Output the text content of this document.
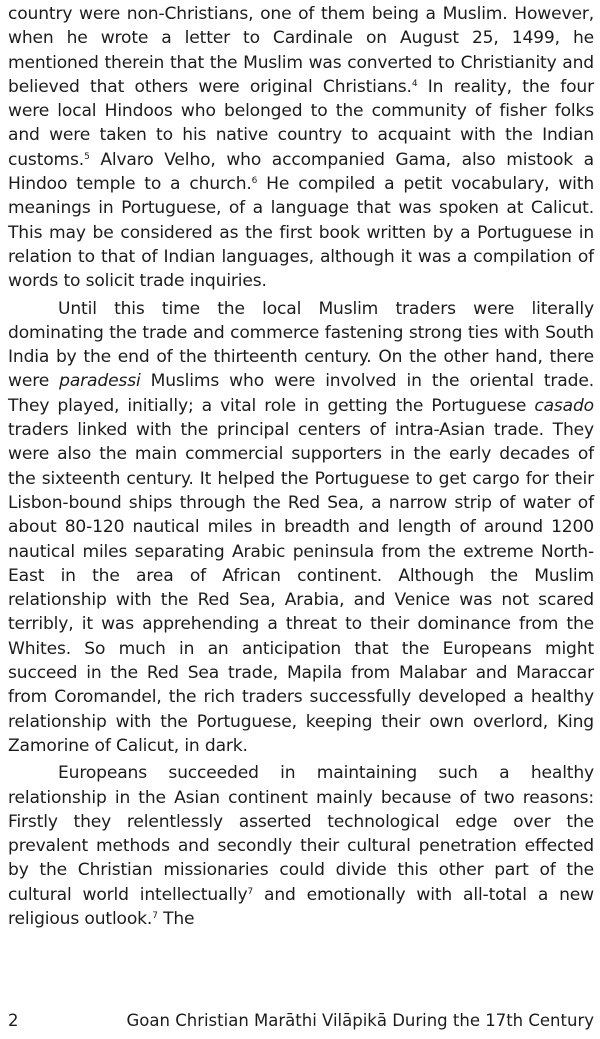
country were non-Christians, one of them being a Muslim. However, when he wrote a letter to Cardinale on August 25, 1499, he mentioned therein that the Muslim was converted to Christianity and believed that others were original Christians.$^4$ In reality, the four were local Hindoos who belonged to the community of fisher folks and were taken to his native country to acquaint with the Indian customs.$^5$ Alvaro Velho, who accompanied Gama, also mistook a Hindoo temple to a church.$^6$ He compiled a petit vocabulary, with meanings in Portuguese, of a language that was spoken at Calicut. This may be considered as the first book written by a Portuguese in relation to that of Indian languages, although it was a compilation of words to solicit trade inquiries.

Until this time the local Muslim traders were literally dominating the trade and commerce fastening strong ties with South India by the end of the thirteenth century. On the other hand, there were paradessi Muslims who were involved in the oriental trade. They played, initially; a vital role in getting the Portuguese casado traders linked with the principal centers of intra-Asian trade. They were also the main commercial supporters in the early decades of the sixteenth century. It helped the Portuguese to get cargo for their Lisbon-bound ships through the Red Sea, a narrow strip of water of about 80-120 nautical miles in breadth and length of around 1200 nautical miles separating Arabic peninsula from the extreme North-East in the area of African continent. Although the Muslim relationship with the Red Sea, Arabia, and Venice was not scared terribly, it was apprehending a threat to their dominance from the Whites. So much in an anticipation that the Europeans might succeed in the Red Sea trade, Mapila from Malabar and Maraccar from Coromandel, the rich traders successfully developed a healthy relationship with the Portuguese, keeping their own overlord, King Zamorine of Calicut, in dark.

Europeans succeeded in maintaining such a healthy relationship in the Asian continent mainly because of two reasons: Firstly they relentlessly asserted technological edge over the prevalent methods and secondly their cultural penetration effected by the Christian missionaries could divide this other part of the cultural world intellectually$^7$ and emotionally with all-total a new religious outlook.$^7$ The

2	Goan Christian Marāthi Vilāpikā During the 17th Century
